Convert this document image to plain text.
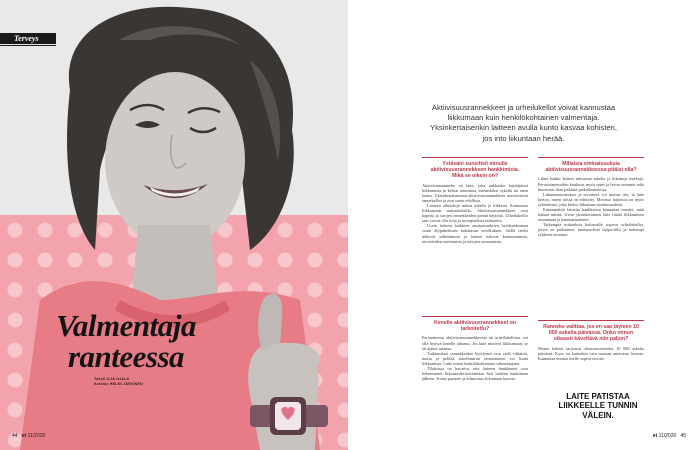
Terveys
Valmentaja
ranteessa
Teksti ILJA OJALA
Kuvitus HELMI JÄRVINEN
44 et 11/2020
Aktiivisuusrannekkeet ja urheilukellot voivat kannustaa liikkumaan kuin henkilökohtainen valmentaja. Yksinkertaisenkin laitteen avulla kunto kasvaa kohisten, jos into liikuntaan herää.
Ystäväni suositteli minulle aktiivisuusrannekkeen hankkimista. Mikä se oikein on?

Aktiivisuusranneke on laite, joka tarkkailee käyttäjänsä liikkumista ja kehon toimintaa, esimerkiksi sykettä tai unen laatua. Yksinkertaisimmat aktiivisuusrannekkeet muistuttavat rannekelloa ja ovat usein edullisia.

Laitteen alkutekijä mittaa askelia ja liikkeitä. Kannustaa liikkumaan muistutuksilla. Aktiivisuusrannekkeet ovat kapeita ja sirojen rannekkeiden pieniä näyttöjä. Urheilukellot taas voivat olla isoja ja monipuolisia mittareita.

Usein laitteen kaikkien ominaisuuksien hyödyntäminen vaatii älypuhelimen ladattavan sovelluksen. Siellä tiedot näkyvät selkeämmin ja laitteet tukevat kannustamista, tavoitteiden asettamista ja tietojen seuraamista.

Kenelle aktiivisuusrannekkeet on tarkoitettu?

Periaatteessa aktiivisuusrannekkeesta tai urheilukellosta voi olla hyötyä kenelle tahansa. Jos laite motivoi liikkumaan, se on ajanut asiansa.

Tutkimukset rannekkeiden hyödyistä ovat vielä vähäisiä, mutta jo pelkkä askelmäärän seuraaminen voi lisätä liikkumista. Laite toimii henkilökohtaisena valmentajana.

Tiluksissa on havaittu, että laitteen hankkineet ovat kohentaneet liikunta-aktiivisuuttaan heti laitteen hankinnan jälkeen. Kunto paranee ja kiinnostus liikuntaan kasvaa.

Millaisia ominaisuuksia aktiivisuusrannekkeessa pitäisi olla?

Lähes kaikki laitteet mittaavat askelia ja liikuttuja matkoja. Perustoimintoihin kuuluvat myös unen ja levon seuranta sekä muistutus liian pitkästä paikallaanolosta.

Liikuntasuositukset ja tavoitteet voi asettaa itse, ja laite kertoo, miten niissä on edistytty. Monissa laitteissa on myös sykemittari, joka kertoo liikunnan rasittavuudesta.

Ensimmäisiä laitteita hankkiessa kannattaa miettiä, mitä haluaa mitata. Usein yksinkertainen laite riittää liikkumisen seurantaan ja kannustamiseen.

Tarkempia mittauksia haluavalle sopivat urheilukellot, joissa on paikannus, monipuoliset lajiprofiilit ja tarkempi sykkeen seuranta.

Ranneke valittaa, jos en saa täyteen 10 000 askelta päivässä. Onko minun oikeasti käveltävä niin paljon?

Monet laitteet tarjoavat oletustavoitteeksi 10 000 askelta päivässä. Kyse on kuitenkin vain suuntaa antavasta luvusta. Kannattaa asettaa itselle sopiva tavoite.

LAITE PATISTAA LIIKKEELLE TUNNIN VÄLEIN.
et 11/2020 45
